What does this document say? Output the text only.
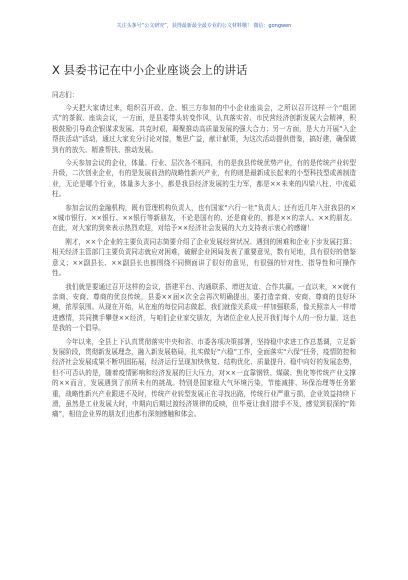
关注头条号“公文研究”，获得最新最全最专业的公文材料哦！ 微信：gongwen
X 县委书记在中小企业座谈会上的讲话
同志们：

今天把大家请过来，组织召开政、企、银三方参加的中小企业座谈会，之所以召开这样一个“组团式”的茶叙、座谈会议，一方面，是县委带头转变作风，认真落实省、市民营经济创新发展大会精神，积极鼓励引导政企银谋求发展、共克时艰，凝聚推动高质量发展的强大合力；另一方面，是大力开展“入企帮扶活动”活动，通过大家充分讨论对接，集思广益，献计献策，为这次活动提供借鉴，搞好建，确保做到有的放矢、精准帮扶、推动发展。

今天参加会议的企业，体量、行业、层次各不相同，有的是我县传统优势产业，有的是传统产业转型升级，二次创业企业，有的是发展前劲的战略性新兴产业，有的则是最新成长起来的小型科技型或善制造业，无论是哪个行业，体量多大多小，都是我县经济发展的生力军，都是××未来的四梁八柱、中流砥柱。

参加会议的金融机构，既有管理机构负责人，也有国家“六行一社”负责人；还有近几年入驻我县的××城市银行、××银行、××银行等新朋友，不论是国有的、还是商业的，都是××的亲人、××的朋友。在此，对大家的到来表示热烈欢迎，对给予××经济社会发展的大力支持表示衷心的感谢！

刚才，××个企业的主要负责同志简要介绍了企业发展经营状况、遇到的困难和企业下步发展打算；相关经济主管部门主要负责同志就应对困难，破解企业困局发表了重要意见，数有见地，具有很好的借鉴意义；××副县长、××副县长也都围绕不同侧面讲了很好的意见，有很强的针对性、指导性和可操作性。

我们就是要通过召开这样的会议，搭建平台、沟通联系、增进友谊、合作共赢。一直以来，××就有亲商、安商、尊商的优良传统，县委××届×次全会再次明确提出，要打造亲商、安商、尊商的良好环境，浓厚氛围。从现在开始，从在座的每位同志做起，我们就像关系成一样加强联系，像关照亲人一样增进感情，共同携手攀登××经济，与咱们企业家交朋友，为诸位企业人民开我们每个人的一份力量，这也是我的一个倡导。

今年以来，全县上下认真贯彻落实中央和省、市委各项决策部署，坚持稳中求进工作总基调，立足新发展阶段，贯彻新发展理念，融入新发展格局，扎实做好“六稳”工作，全面落实“六保”任务，疫情防控和经济社会发展成果不断巩固拓展，经济运行呈现加快恢复、结构优化、质量提升、稳中向好的发展态势，但不可否认的是，随着疫情影响和经济发展的巨大压力，对××一直靠钢铁、煤碳、焦化等传统产业支撑的××而言，发展遇到了前所未有的挑战。特别是国家稳大气环境污染，节能减排、环保治理等任务繁重，战略性新兴产业跟进不及时，传统产业转型发展正在寻找出路，传统行业严重亏损，企业效益持续下滑，虽然是工业发展大时，中期向后期过渡经济规律的反映，但毕竟让我们措手不及，感觉到很深的“阵痛”，相信企业界的朋友们也都有深刻感触和体会。
